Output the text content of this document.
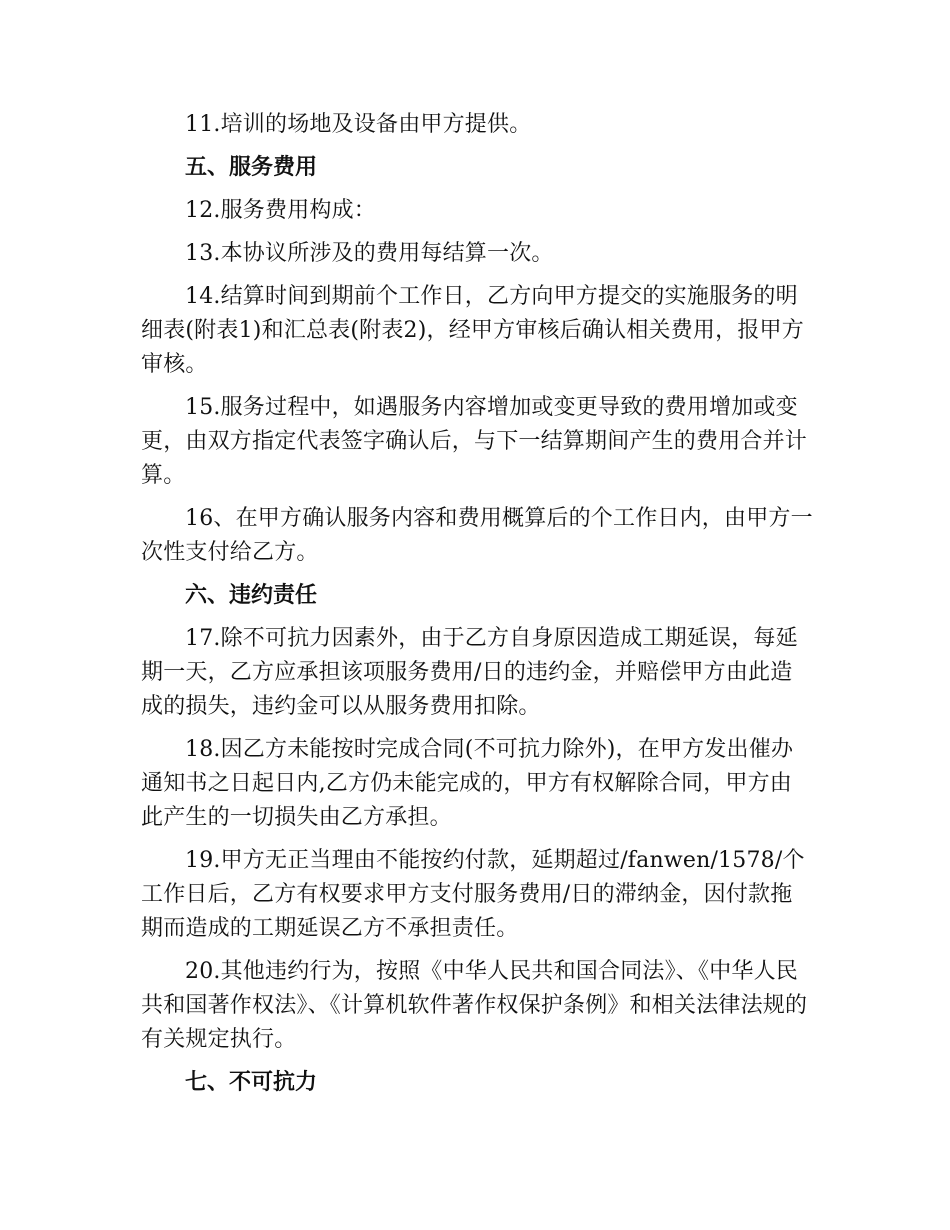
11.培训的场地及设备由甲方提供。

五、服务费用

12.服务费用构成：

13.本协议所涉及的费用每结算一次。

14.结算时间到期前个工作日，乙方向甲方提交的实施服务的明细表(附表1)和汇总表(附表2)，经甲方审核后确认相关费用，报甲方审核。

15.服务过程中，如遇服务内容增加或变更导致的费用增加或变更，由双方指定代表签字确认后，与下一结算期间产生的费用合并计算。

16、在甲方确认服务内容和费用概算后的个工作日内，由甲方一次性支付给乙方。

六、违约责任

17.除不可抗力因素外，由于乙方自身原因造成工期延误，每延期一天，乙方应承担该项服务费用/日的违约金，并赔偿甲方由此造成的损失，违约金可以从服务费用扣除。

18.因乙方未能按时完成合同(不可抗力除外)，在甲方发出催办通知书之日起日内,乙方仍未能完成的，甲方有权解除合同，甲方由此产生的一切损失由乙方承担。

19.甲方无正当理由不能按约付款，延期超过/fanwen/1578/个工作日后，乙方有权要求甲方支付服务费用/日的滞纳金，因付款拖期而造成的工期延误乙方不承担责任。

20.其他违约行为，按照《中华人民共和国合同法》、《中华人民共和国著作权法》、《计算机软件著作权保护条例》和相关法律法规的有关规定执行。

七、不可抗力
